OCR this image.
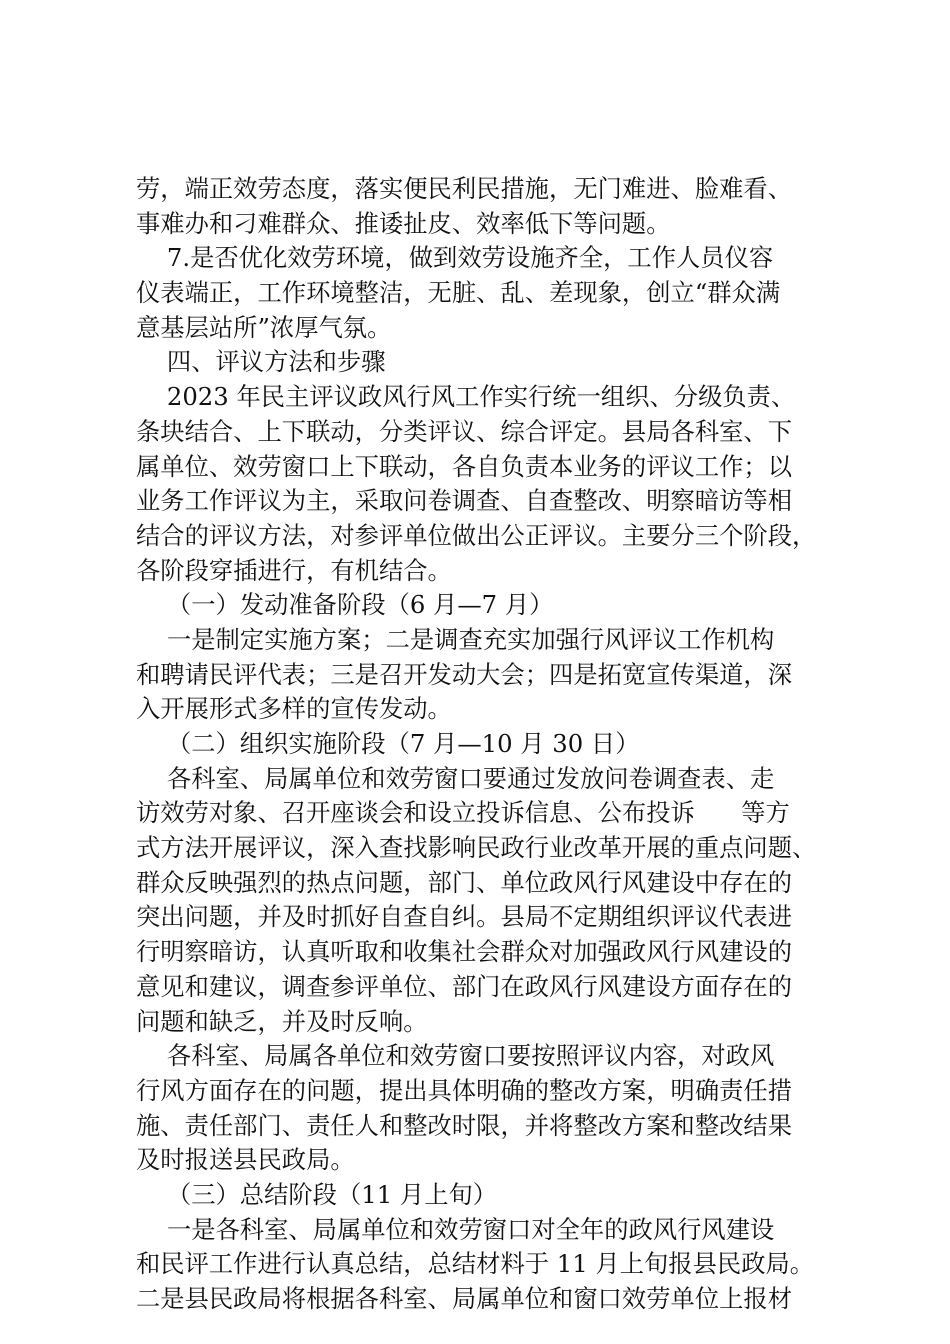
劳，端正效劳态度，落实便民利民措施，无门难进、脸难看、
事难办和刁难群众、推诿扯皮、效率低下等问题。
7.是否优化效劳环境，做到效劳设施齐全，工作人员仪容
仪表端正，工作环境整洁，无脏、乱、差现象，创立“群众满
意基层站所”浓厚气氛。
四、评议方法和步骤
2023 年民主评议政风行风工作实行统一组织、分级负责、
条块结合、上下联动，分类评议、综合评定。县局各科室、下
属单位、效劳窗口上下联动，各自负责本业务的评议工作；以
业务工作评议为主，采取问卷调查、自查整改、明察暗访等相
结合的评议方法，对参评单位做出公正评议。主要分三个阶段，
各阶段穿插进行，有机结合。
（一）发动准备阶段（6 月—7 月）
一是制定实施方案；二是调查充实加强行风评议工作机构
和聘请民评代表；三是召开发动大会；四是拓宽宣传渠道，深
入开展形式多样的宣传发动。
（二）组织实施阶段（7 月—10 月 30 日）
各科室、局属单位和效劳窗口要通过发放问卷调查表、走
访效劳对象、召开座谈会和设立投诉信息、公布投诉      等方
式方法开展评议，深入查找影响民政行业改革开展的重点问题、
群众反映强烈的热点问题，部门、单位政风行风建设中存在的
突出问题，并及时抓好自查自纠。县局不定期组织评议代表进
行明察暗访，认真听取和收集社会群众对加强政风行风建设的
意见和建议，调查参评单位、部门在政风行风建设方面存在的
问题和缺乏，并及时反响。
各科室、局属各单位和效劳窗口要按照评议内容，对政风
行风方面存在的问题，提出具体明确的整改方案，明确责任措
施、责任部门、责任人和整改时限，并将整改方案和整改结果
及时报送县民政局。
（三）总结阶段（11 月上旬）
一是各科室、局属单位和效劳窗口对全年的政风行风建设
和民评工作进行认真总结，总结材料于 11 月上旬报县民政局。
二是县民政局将根据各科室、局属单位和窗口效劳单位上报材
